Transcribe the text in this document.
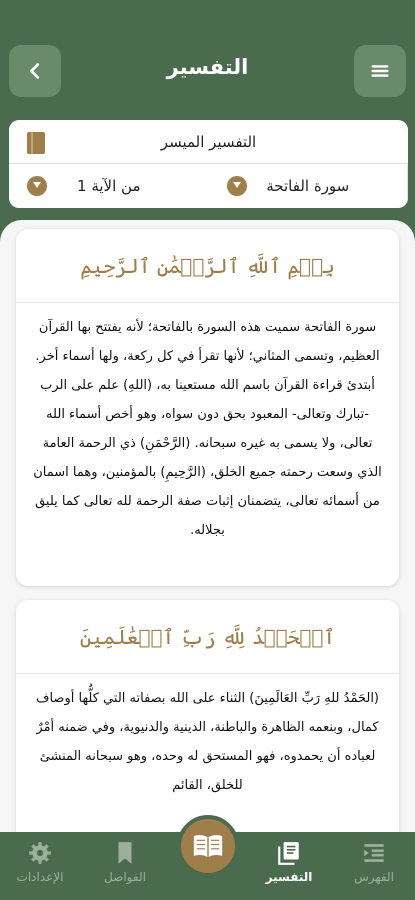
التفسير
التفسير الميسر
من الآية 1	سورة الفاتحة
بِسۡمِ ٱللَّهِ ٱلرَّحۡمَٰنِ ٱلرَّحِيمِ
سورة الفاتحة سميت هذه السورة بالفاتحة؛ لأنه يفتتح بها القرآن العظيم، وتسمى المثاني؛ لأنها تقرأ في كل ركعة، ولها أسماء أخر. أبتدئ قراءة القرآن باسم الله مستعينا به، (اللهِ) علم على الرب -تبارك وتعالى- المعبود بحق دون سواه، وهو أخص أسماء الله تعالى، ولا يسمى به غيره سبحانه. (الرَّحْمَنِ) ذي الرحمة العامة الذي وسعت رحمته جميع الخلق، (الرَّحِيمِ) بالمؤمنين، وهما اسمان من أسمائه تعالى، يتضمنان إثبات صفة الرحمة لله تعالى كما يليق بجلاله.
ٱلۡحَمۡدُ لِلَّهِ رَبِّ ٱلۡعَٰلَمِينَ
(الحَمْدُ للهِ رَبِّ العَالَمِينَ) الثناء على الله بصفاته التي كلُّها أوصاف كمال، وبنعمه الظاهرة والباطنة، الدينية والدنيوية، وفي ضمنه أمْرٌ لعباده أن يحمدوه، فهو المستحق له وحده، وهو سبحانه المنشئ للخلق، القائم
الإعدادات	الفواصل	التفسير	الفهرس
